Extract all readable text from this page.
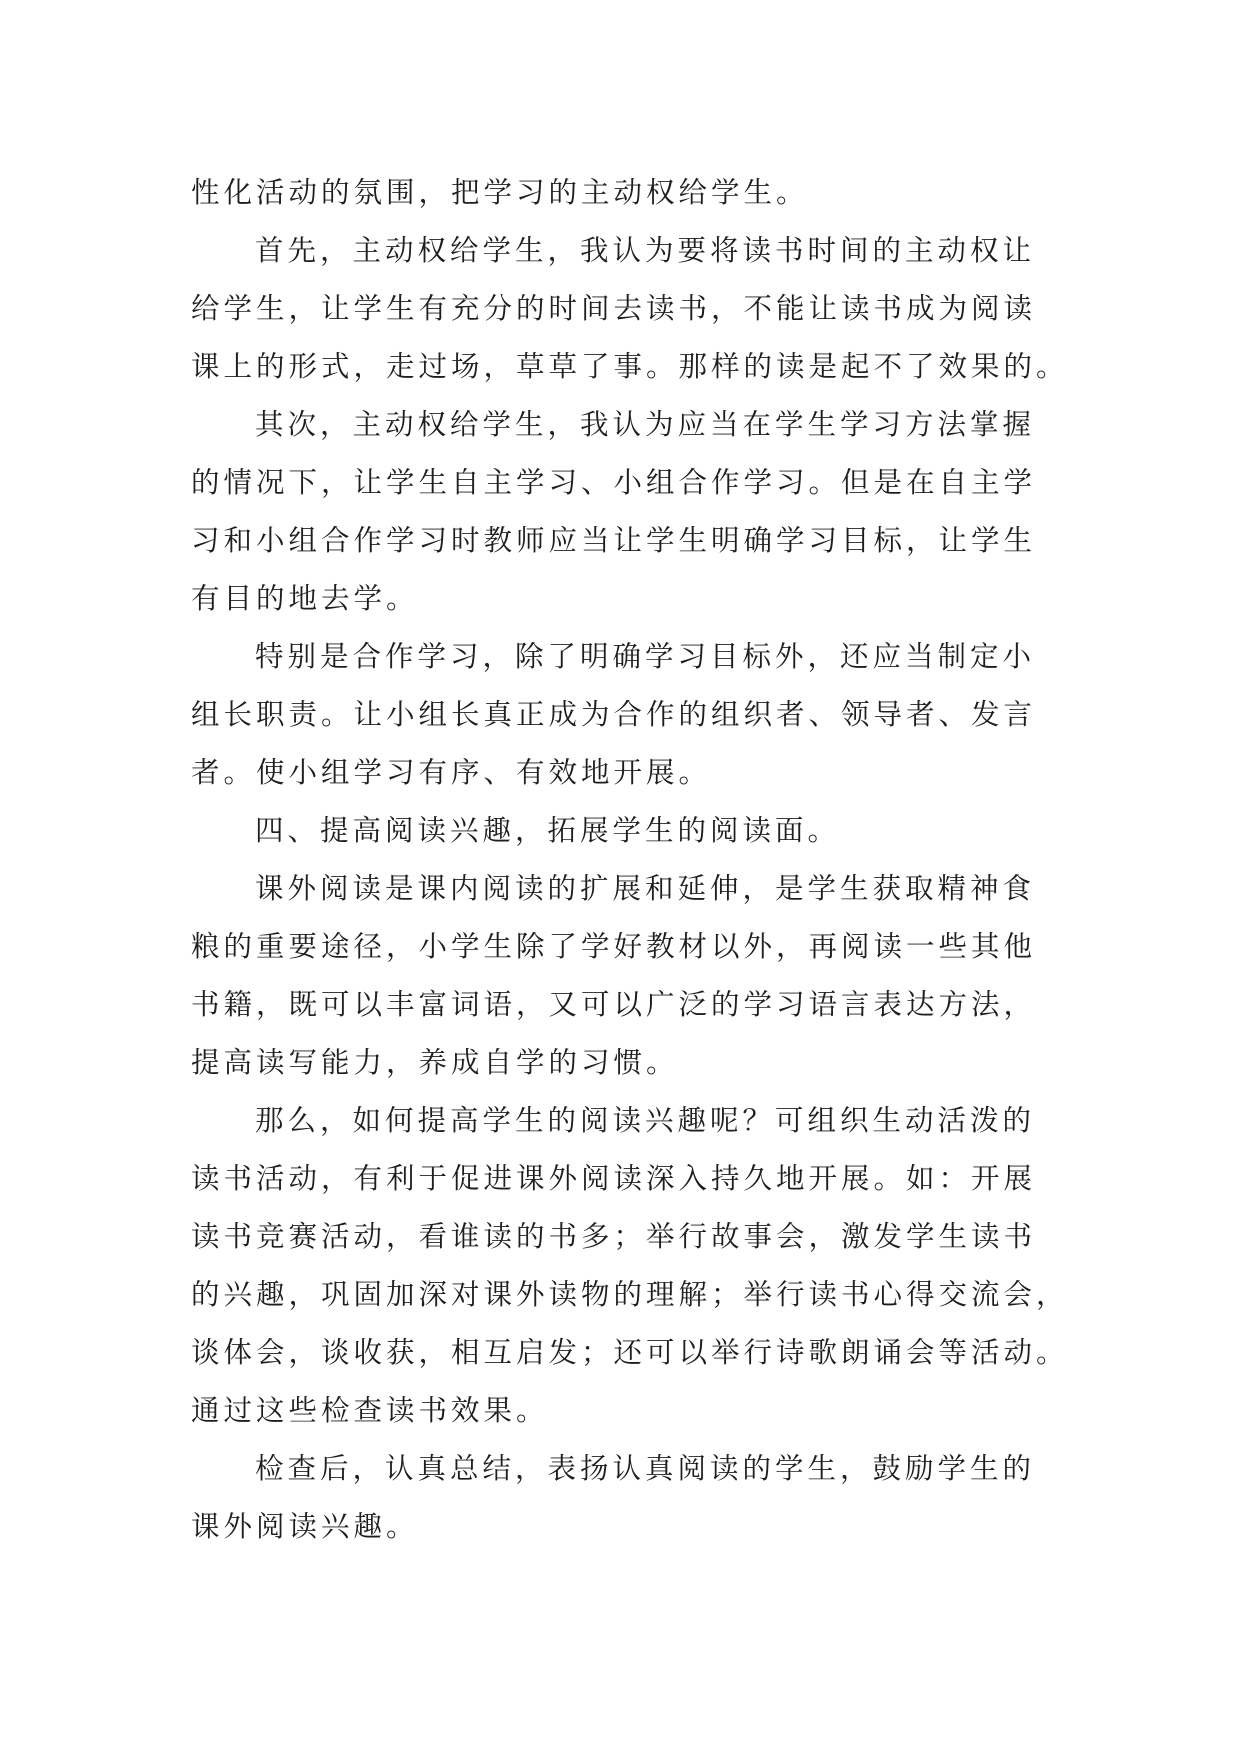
性化活动的氛围，把学习的主动权给学生。
首先，主动权给学生，我认为要将读书时间的主动权让
给学生，让学生有充分的时间去读书，不能让读书成为阅读
课上的形式，走过场，草草了事。那样的读是起不了效果的。
其次，主动权给学生，我认为应当在学生学习方法掌握
的情况下，让学生自主学习、小组合作学习。但是在自主学
习和小组合作学习时教师应当让学生明确学习目标，让学生
有目的地去学。
特别是合作学习，除了明确学习目标外，还应当制定小
组长职责。让小组长真正成为合作的组织者、领导者、发言
者。使小组学习有序、有效地开展。
四、提高阅读兴趣，拓展学生的阅读面。
课外阅读是课内阅读的扩展和延伸，是学生获取精神食
粮的重要途径，小学生除了学好教材以外，再阅读一些其他
书籍，既可以丰富词语，又可以广泛的学习语言表达方法，
提高读写能力，养成自学的习惯。
那么，如何提高学生的阅读兴趣呢？可组织生动活泼的
读书活动，有利于促进课外阅读深入持久地开展。如：开展
读书竞赛活动，看谁读的书多；举行故事会，激发学生读书
的兴趣，巩固加深对课外读物的理解；举行读书心得交流会，
谈体会，谈收获，相互启发；还可以举行诗歌朗诵会等活动。
通过这些检查读书效果。
检查后，认真总结，表扬认真阅读的学生，鼓励学生的
课外阅读兴趣。
